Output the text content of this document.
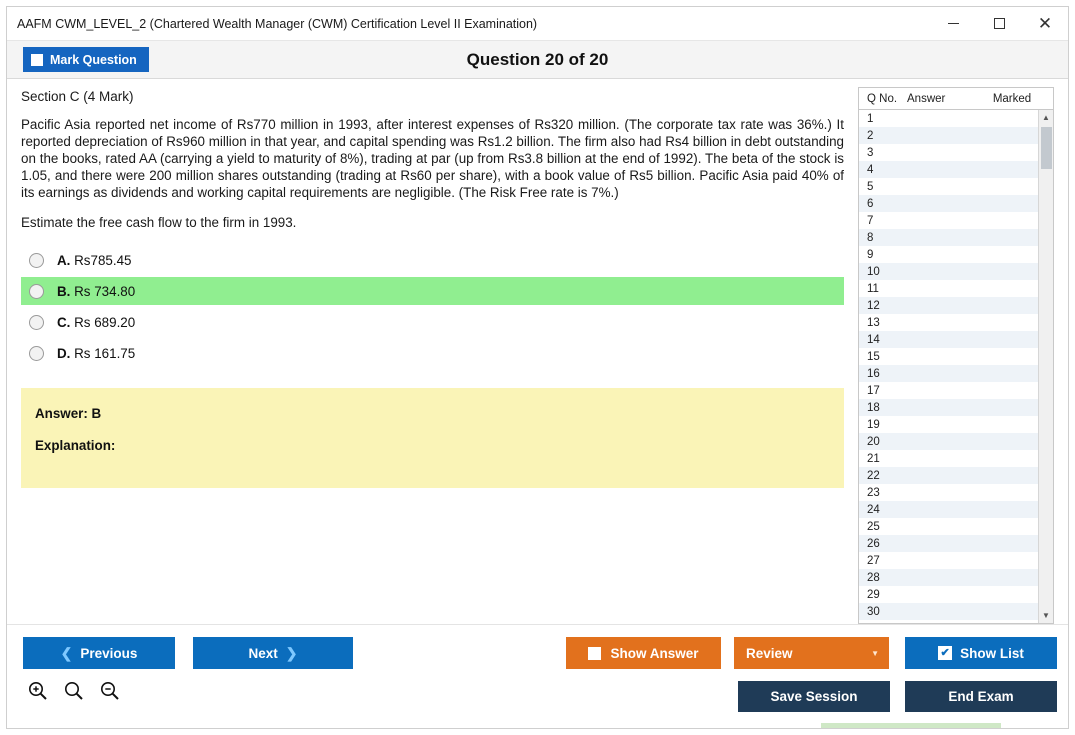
AAFM CWM_LEVEL_2 (Chartered Wealth Manager (CWM) Certification Level II Examination)	✕
Mark Question	Question 20 of 20
Section C (4 Mark)
Pacific Asia reported net income of Rs770 million in 1993, after interest expenses of Rs320 million. (The corporate tax rate was 36%.) It reported depreciation of Rs960 million in that year, and capital spending was Rs1.2 billion. The firm also had Rs4 billion in debt outstanding on the books, rated AA (carrying a yield to maturity of 8%), trading at par (up from Rs3.8 billion at the end of 1992). The beta of the stock is 1.05, and there were 200 million shares outstanding (trading at Rs60 per share), with a book value of Rs5 billion. Pacific Asia paid 40% of its earnings as dividends and working capital requirements are negligible. (The Risk Free rate is 7%.)
Estimate the free cash flow to the firm in 1993.
A. Rs785.45
B. Rs 734.80
C. Rs 689.20
D. Rs 161.75
Answer: B
Explanation:
Q No. Answer	Marked
1
2
3
4
5
6
7
8
9
10
11
12
13
14
15
16
17
18
19
20
21
22
23
24
25
26
27
28
29
30
▲
▼
❮ Previous	Next ❯	Show Answer	Review	▼	✔ Show List
Save Session	End Exam
